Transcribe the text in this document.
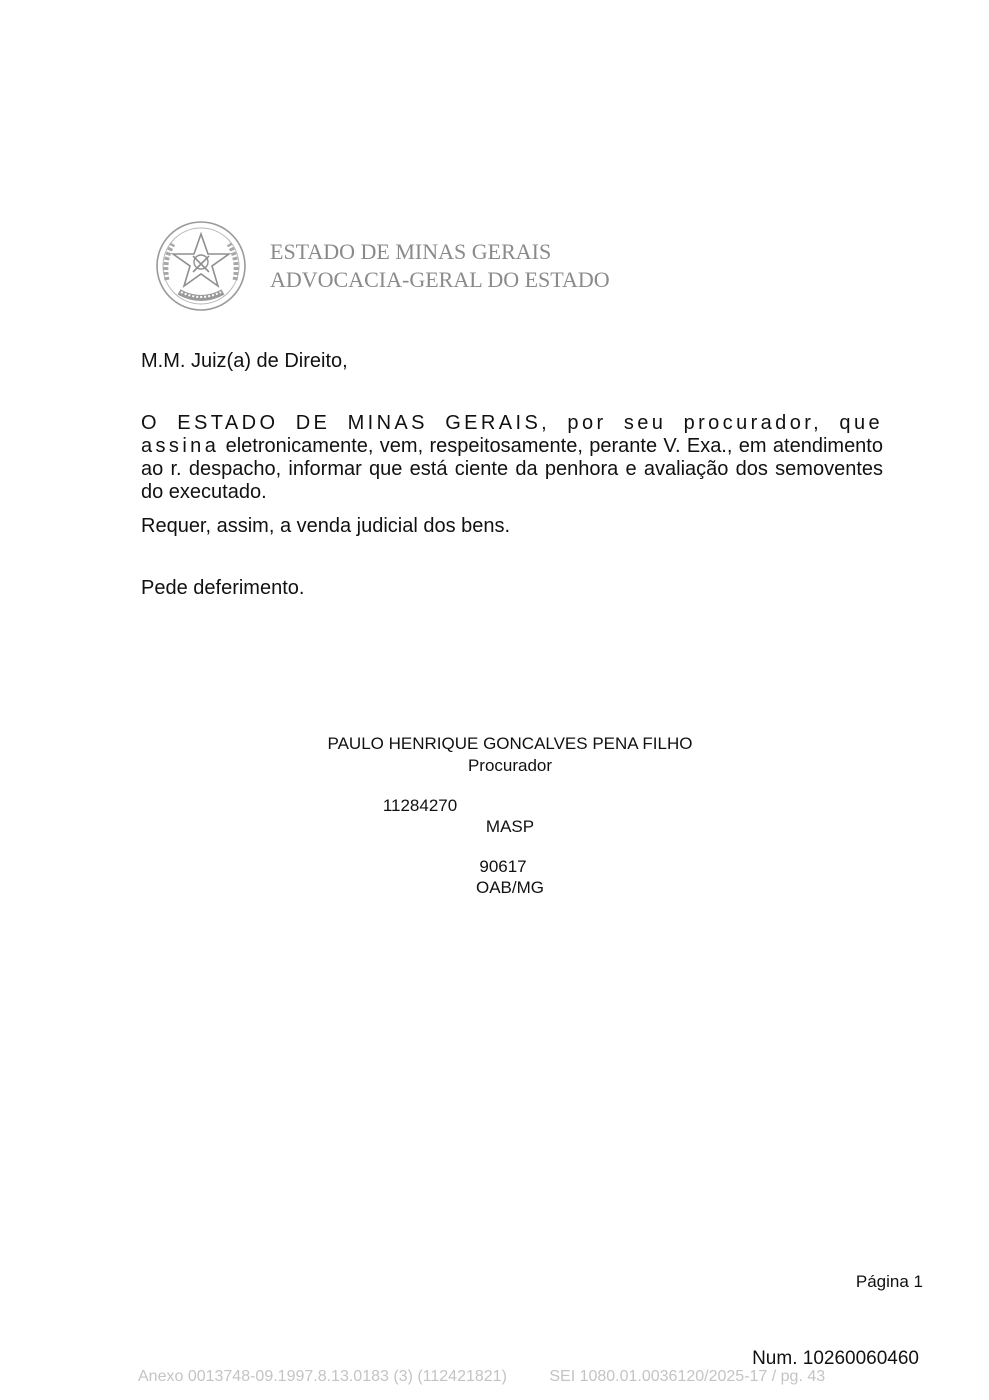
ESTADO DE MINAS GERAIS
ADVOCACIA-GERAL DO ESTADO
M.M. Juiz(a) de Direito,
O ESTADO DE MINAS GERAIS, por seu procurador, que assina eletronicamente, vem, respeitosamente, perante V. Exa., em atendimento ao r. despacho, informar que está ciente da penhora e avaliação dos semoventes do executado.
Requer, assim, a venda judicial dos bens.
Pede deferimento.
PAULO HENRIQUE GONCALVES PENA FILHO
Procurador
11284270
MASP
90617
OAB/MG
Página 1
Num. 10260060460
Anexo 0013748-09.1997.8.13.0183 (3) (112421821)	SEI 1080.01.0036120/2025-17 / pg. 43
